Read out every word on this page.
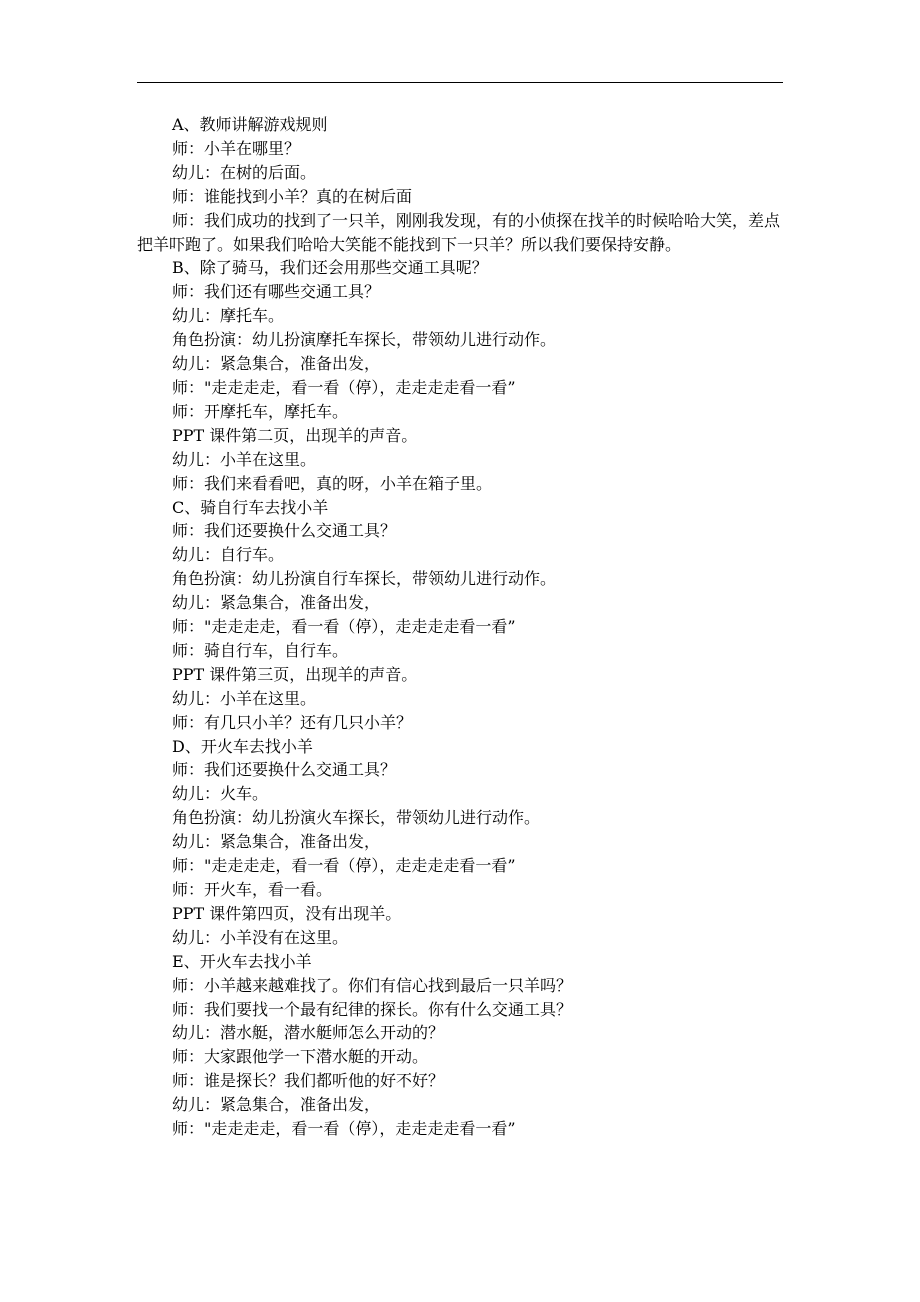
A、教师讲解游戏规则

师：小羊在哪里？

幼儿：在树的后面。

师：谁能找到小羊？真的在树后面

师：我们成功的找到了一只羊，刚刚我发现，有的小侦探在找羊的时候哈哈大笑，差点把羊吓跑了。如果我们哈哈大笑能不能找到下一只羊？所以我们要保持安静。

B、除了骑马，我们还会用那些交通工具呢？

师：我们还有哪些交通工具？

幼儿：摩托车。

角色扮演：幼儿扮演摩托车探长，带领幼儿进行动作。

幼儿：紧急集合，准备出发，

师："走走走走，看一看（停），走走走走看一看”

师：开摩托车，摩托车。

PPT 课件第二页，出现羊的声音。

幼儿：小羊在这里。

师：我们来看看吧，真的呀，小羊在箱子里。

C、骑自行车去找小羊

师：我们还要换什么交通工具？

幼儿：自行车。

角色扮演：幼儿扮演自行车探长，带领幼儿进行动作。

幼儿：紧急集合，准备出发，

师："走走走走，看一看（停），走走走走看一看”

师：骑自行车，自行车。

PPT 课件第三页，出现羊的声音。

幼儿：小羊在这里。

师：有几只小羊？还有几只小羊？

D、开火车去找小羊

师：我们还要换什么交通工具？

幼儿：火车。

角色扮演：幼儿扮演火车探长，带领幼儿进行动作。

幼儿：紧急集合，准备出发，

师："走走走走，看一看（停），走走走走看一看”

师：开火车，看一看。

PPT 课件第四页，没有出现羊。

幼儿：小羊没有在这里。

E、开火车去找小羊

师：小羊越来越难找了。你们有信心找到最后一只羊吗？

师：我们要找一个最有纪律的探长。你有什么交通工具？

幼儿：潜水艇，潜水艇师怎么开动的？

师：大家跟他学一下潜水艇的开动。

师：谁是探长？我们都听他的好不好？

幼儿：紧急集合，准备出发，

师："走走走走，看一看（停），走走走走看一看”
